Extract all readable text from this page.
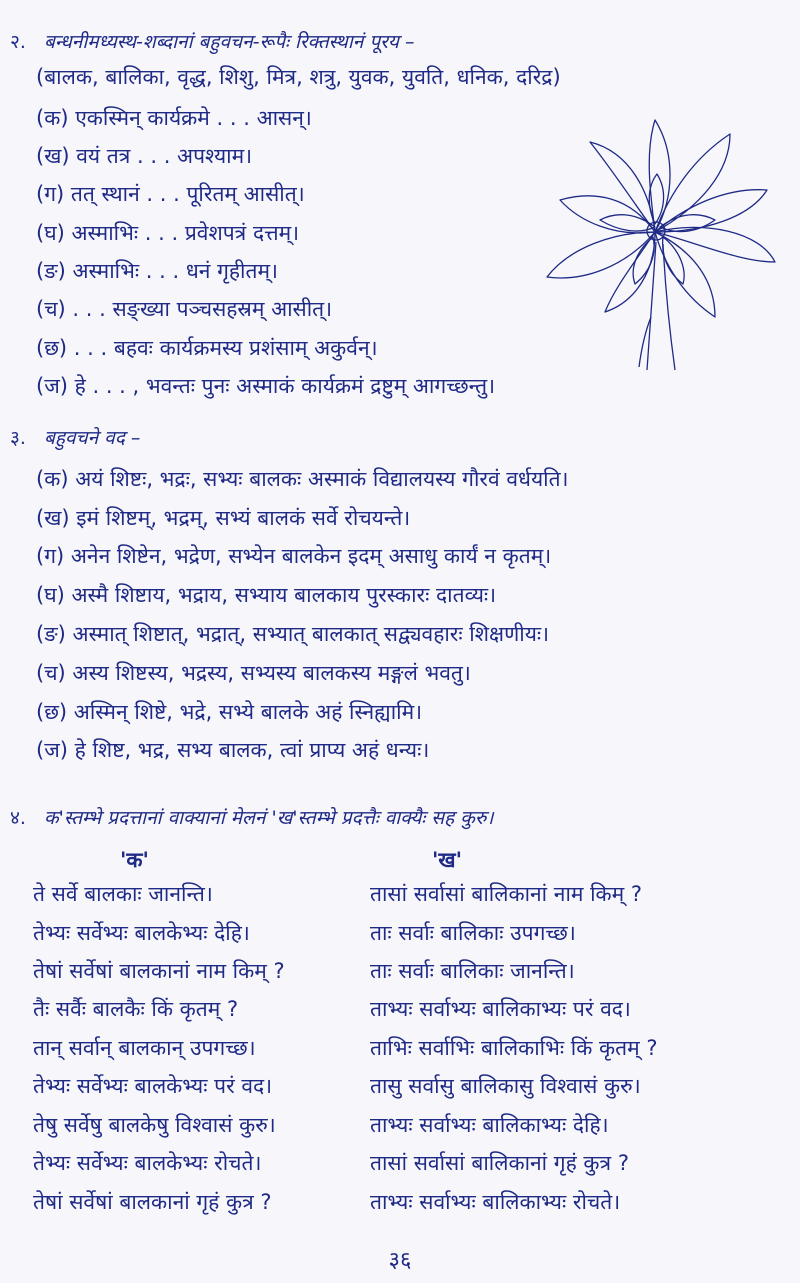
२. बन्धनीमध्यस्थ-शब्दानां बहुवचन-रूपैः रिक्तस्थानं पूरय –
(बालक, बालिका, वृद्ध, शिशु, मित्र, शत्रु, युवक, युवति, धनिक, दरिद्र)
(क) एकस्मिन् कार्यक्रमे . . . आसन्।
(ख) वयं तत्र . . . अपश्याम।
(ग) तत् स्थानं . . . पूरितम् आसीत्।
(घ) अस्माभिः . . . प्रवेशपत्रं दत्तम्।
(ङ) अस्माभिः . . . धनं गृहीतम्।
(च) . . . सङ्ख्या पञ्चसहस्रम् आसीत्।
(छ) . . . बहवः कार्यक्रमस्य प्रशंसाम् अकुर्वन्।
(ज) हे . . . , भवन्तः पुनः अस्माकं कार्यक्रमं द्रष्टुम् आगच्छन्तु।
३. बहुवचने वद –
(क) अयं शिष्टः, भद्रः, सभ्यः बालकः अस्माकं विद्यालयस्य गौरवं वर्धयति।
(ख) इमं शिष्टम्, भद्रम्, सभ्यं बालकं सर्वे रोचयन्ते।
(ग) अनेन शिष्टेन, भद्रेण, सभ्येन बालकेन इदम् असाधु कार्यं न कृतम्।
(घ) अस्मै शिष्टाय, भद्राय, सभ्याय बालकाय पुरस्कारः दातव्यः।
(ङ) अस्मात् शिष्टात्, भद्रात्, सभ्यात् बालकात् सद्व्यवहारः शिक्षणीयः।
(च) अस्य शिष्टस्य, भद्रस्य, सभ्यस्य बालकस्य मङ्गलं भवतु।
(छ) अस्मिन् शिष्टे, भद्रे, सभ्ये बालके अहं स्निह्यामि।
(ज) हे शिष्ट, भद्र, सभ्य बालक, त्वां प्राप्य अहं धन्यः।
४. क'स्तम्भे प्रदत्तानां वाक्यानां मेलनं 'ख'स्तम्भे प्रदत्तैः वाक्यैः सह कुरु।
'क'	'ख'
ते सर्वे बालकाः जानन्ति।
तेभ्यः सर्वेभ्यः बालकेभ्यः देहि।
तेषां सर्वेषां बालकानां नाम किम् ?
तैः सर्वैः बालकैः किं कृतम् ?
तान् सर्वान् बालकान् उपगच्छ।
तेभ्यः सर्वेभ्यः बालकेभ्यः परं वद।
तेषु सर्वेषु बालकेषु विश्वासं कुरु।
तेभ्यः सर्वेभ्यः बालकेभ्यः रोचते।
तेषां सर्वेषां बालकानां गृहं कुत्र ?
तासां सर्वासां बालिकानां नाम किम् ?
ताः सर्वाः बालिकाः उपगच्छ।
ताः सर्वाः बालिकाः जानन्ति।
ताभ्यः सर्वाभ्यः बालिकाभ्यः परं वद।
ताभिः सर्वाभिः बालिकाभिः किं कृतम् ?
तासु सर्वासु बालिकासु विश्वासं कुरु।
ताभ्यः सर्वाभ्यः बालिकाभ्यः देहि।
तासां सर्वासां बालिकानां गृहं कुत्र ?
ताभ्यः सर्वाभ्यः बालिकाभ्यः रोचते।
३६
